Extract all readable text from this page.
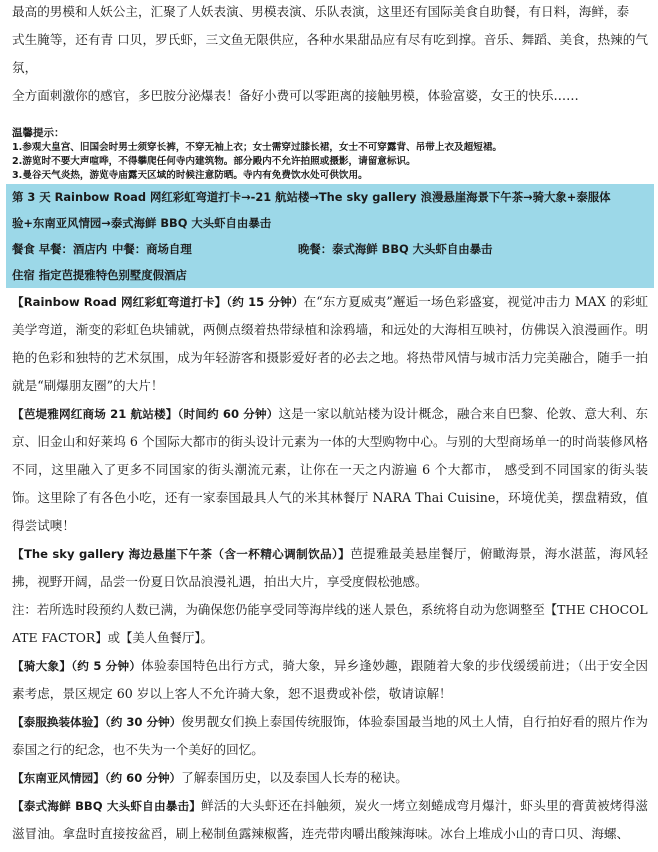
最高的男模和人妖公主，汇聚了人妖表演、男模表演、乐队表演，这里还有国际美食自助餐，有日料，海鲜，泰

式生腌等，还有青 口贝，罗氏虾，三文鱼无限供应，各种水果甜品应有尽有吃到撑。音乐、舞蹈、美食，热辣的气氛，

全方面刺激你的感官，多巴胺分泌爆表！备好小费可以零距离的接触男模，体验富婆，女王的快乐……

温馨提示：

1.参观大皇宫、旧国会时男士须穿长裤，不穿无袖上衣；女士需穿过膝长裙，女士不可穿露背、吊带上衣及超短裙。

2.游览时不要大声喧哗，不得攀爬任何寺内建筑物。部分殿内不允许拍照或摄影，请留意标识。

3.曼谷天气炎热，游览寺庙露天区域的时候注意防晒。寺内有免费饮水处可供饮用。

第 3 天 Rainbow Road 网红彩虹弯道打卡→-21 航站楼→The sky gallery 浪漫悬崖海景下午茶→骑大象+泰服体

验+东南亚风情园→泰式海鲜 BBQ 大头虾自由暴击

餐食 早餐：酒店内 中餐：商场自理	晚餐：泰式海鲜 BBQ 大头虾自由暴击

住宿 指定芭提雅特色别墅度假酒店

【Rainbow Road 网红彩虹弯道打卡】（约 15 分钟）在“东方夏威夷”邂逅一场色彩盛宴，视觉冲击力 MAX 的彩虹美学弯道，渐变的彩虹色块铺就，两侧点缀着热带绿植和涂鸦墙，和远处的大海相互映衬，仿佛误入浪漫画作。明艳的色彩和独特的艺术氛围，成为年轻游客和摄影爱好者的必去之地。将热带风情与城市活力完美融合，随手一拍就是“刷爆朋友圈”的大片！

【芭堤雅网红商场 21 航站楼】（时间约 60 分钟）这是一家以航站楼为设计概念，融合来自巴黎、伦敦、意大利、东京、旧金山和好莱坞 6 个国际大都市的街头设计元素为一体的大型购物中心。与别的大型商场单一的时尚装修风格不同，这里融入了更多不同国家的街头潮流元素，让你在一天之内游遍 6 个大都市， 感受到不同国家的街头装饰。这里除了有各色小吃，还有一家泰国最具人气的米其林餐厅 NARA Thai Cuisine，环境优美，摆盘精致，值得尝试噢！

【The sky gallery 海边悬崖下午茶（含一杯精心调制饮品）】芭提雅最美悬崖餐厅，俯瞰海景，海水湛蓝，海风轻拂，视野开阔，品尝一份夏日饮品浪漫礼遇，拍出大片，享受度假松弛感。

注：若所选时段预约人数已满，为确保您仍能享受同等海岸线的迷人景色，系统将自动为您调整至【THE CHOCOLATE FACTOR】或【美人鱼餐厅】。

【骑大象】（约 5 分钟）体验泰国特色出行方式，骑大象，异乡逢妙趣，跟随着大象的步伐缓缓前进；（出于安全因素考虑，景区规定 60 岁以上客人不允许骑大象，恕不退费或补偿，敬请谅解！

【泰服换装体验】（约 30 分钟）俊男靓女们换上泰国传统服饰，体验泰国最当地的风土人情，自行拍好看的照片作为泰国之行的纪念，也不失为一个美好的回忆。

【东南亚风情园】（约 60 分钟）了解泰国历史，以及泰国人长寿的秘诀。

【泰式海鲜 BBQ 大头虾自由暴击】鲜活的大头虾还在抖触须，炭火一烤立刻蜷成弯月爆汁，虾头里的膏黄被烤得滋滋冒油。拿盘时直接按盆舀，刷上秘制鱼露辣椒酱，连壳带肉嚼出酸辣海味。冰台上堆成小山的青口贝、海螺、
